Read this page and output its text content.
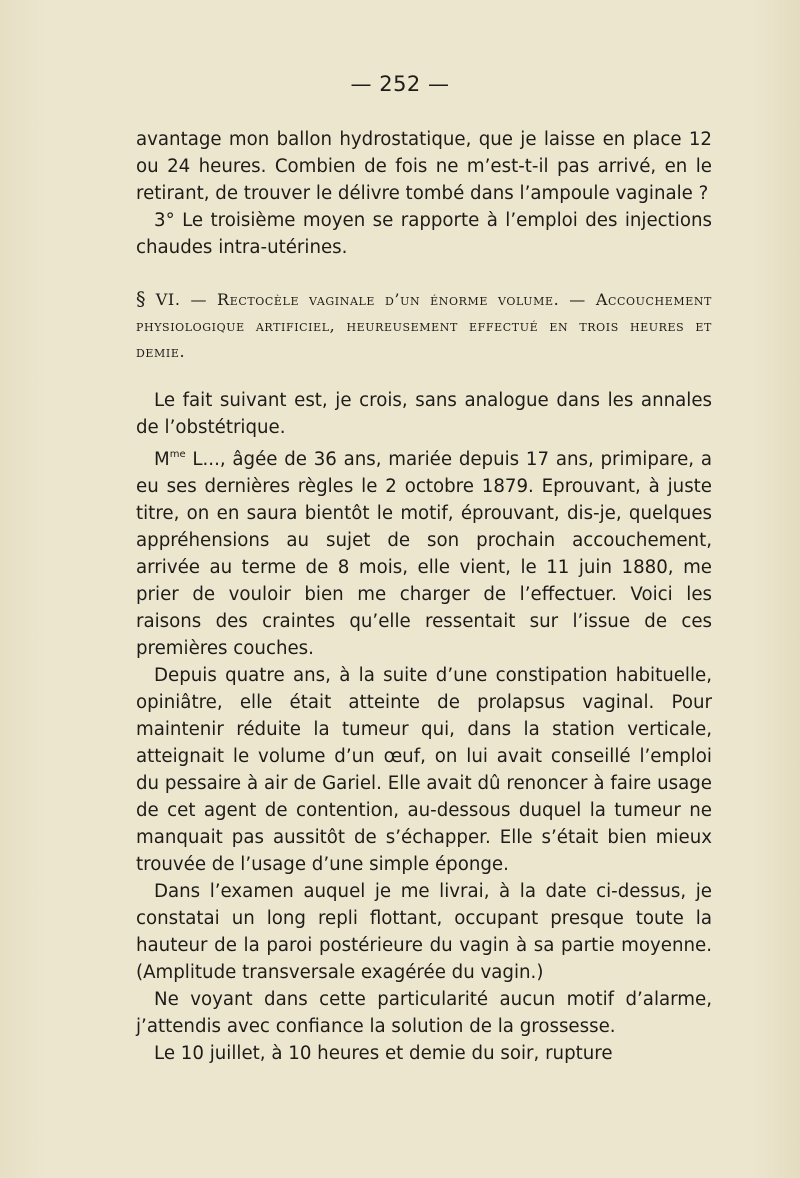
— 252 —

avantage mon ballon hydrostatique, que je laisse en place 12 ou 24 heures. Combien de fois ne m’est-t-il pas arrivé, en le retirant, de trouver le délivre tombé dans l’ampoule vaginale ?

3° Le troisième moyen se rapporte à l’emploi des injections chaudes intra-utérines.

§ VI. — Rectocèle vaginale d’un énorme volume. — Accouchement physiologique artificiel, heureusement effectué en trois heures et demie.

Le fait suivant est, je crois, sans analogue dans les annales de l’obstétrique.

$M^{me}$ L..., âgée de 36 ans, mariée depuis 17 ans, primipare, a eu ses dernières règles le 2 octobre 1879. Eprouvant, à juste titre, on en saura bientôt le motif, éprouvant, dis-je, quelques appréhensions au sujet de son prochain accouchement, arrivée au terme de 8 mois, elle vient, le 11 juin 1880, me prier de vouloir bien me charger de l’effectuer. Voici les raisons des craintes qu’elle ressentait sur l’issue de ces premières couches.

Depuis quatre ans, à la suite d’une constipation habituelle, opiniâtre, elle était atteinte de prolapsus vaginal. Pour maintenir réduite la tumeur qui, dans la station verticale, atteignait le volume d’un œuf, on lui avait conseillé l’emploi du pessaire à air de Gariel. Elle avait dû renoncer à faire usage de cet agent de contention, au-dessous duquel la tumeur ne manquait pas aussitôt de s’échapper. Elle s’était bien mieux trouvée de l’usage d’une simple éponge.

Dans l’examen auquel je me livrai, à la date ci-dessus, je constatai un long repli flottant, occupant presque toute la hauteur de la paroi postérieure du vagin à sa partie moyenne. (Amplitude transversale exagérée du vagin.)

Ne voyant dans cette particularité aucun motif d’alarme, j’attendis avec confiance la solution de la grossesse.

Le 10 juillet, à 10 heures et demie du soir, rupture
